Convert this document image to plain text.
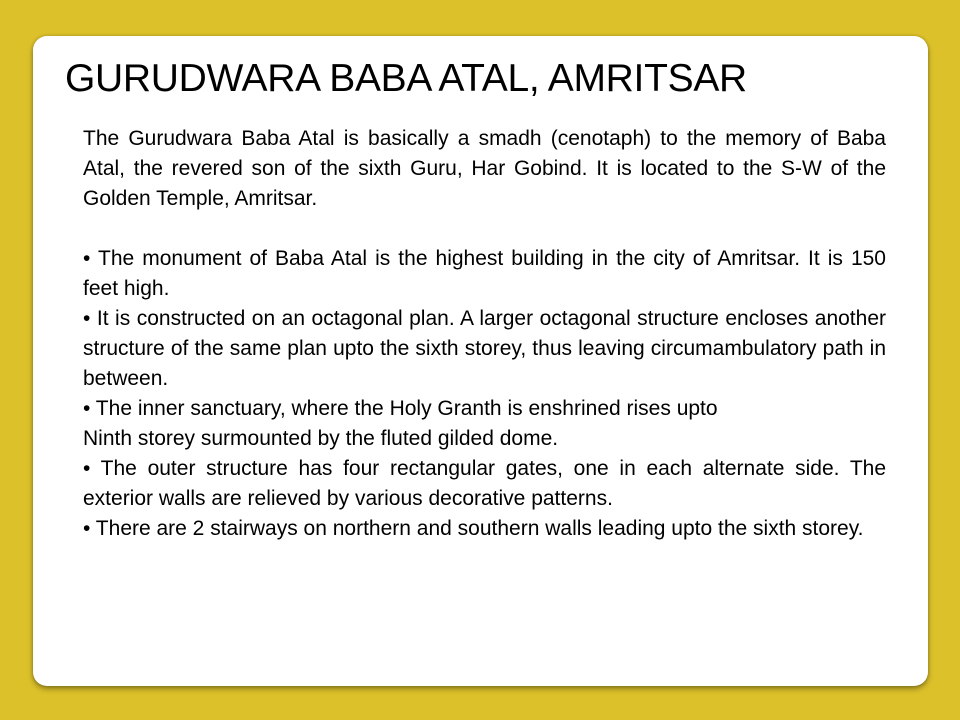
GURUDWARA BABA ATAL, AMRITSAR

The Gurudwara Baba Atal is basically a smadh (cenotaph) to the memory of Baba Atal, the revered son of the sixth Guru, Har Gobind. It is located to the S-W of the Golden Temple, Amritsar.

• The monument of Baba Atal is the highest building in the city of Amritsar. It is 150 feet high.

• It is constructed on an octagonal plan. A larger octagonal structure encloses another structure of the same plan upto the sixth storey, thus leaving circumambulatory path in between.

• The inner sanctuary, where the Holy Granth is enshrined rises upto

Ninth storey surmounted by the fluted gilded dome.

• The outer structure has four rectangular gates, one in each alternate side. The exterior walls are relieved by various decorative patterns.

• There are 2 stairways on northern and southern walls leading upto the sixth storey.
